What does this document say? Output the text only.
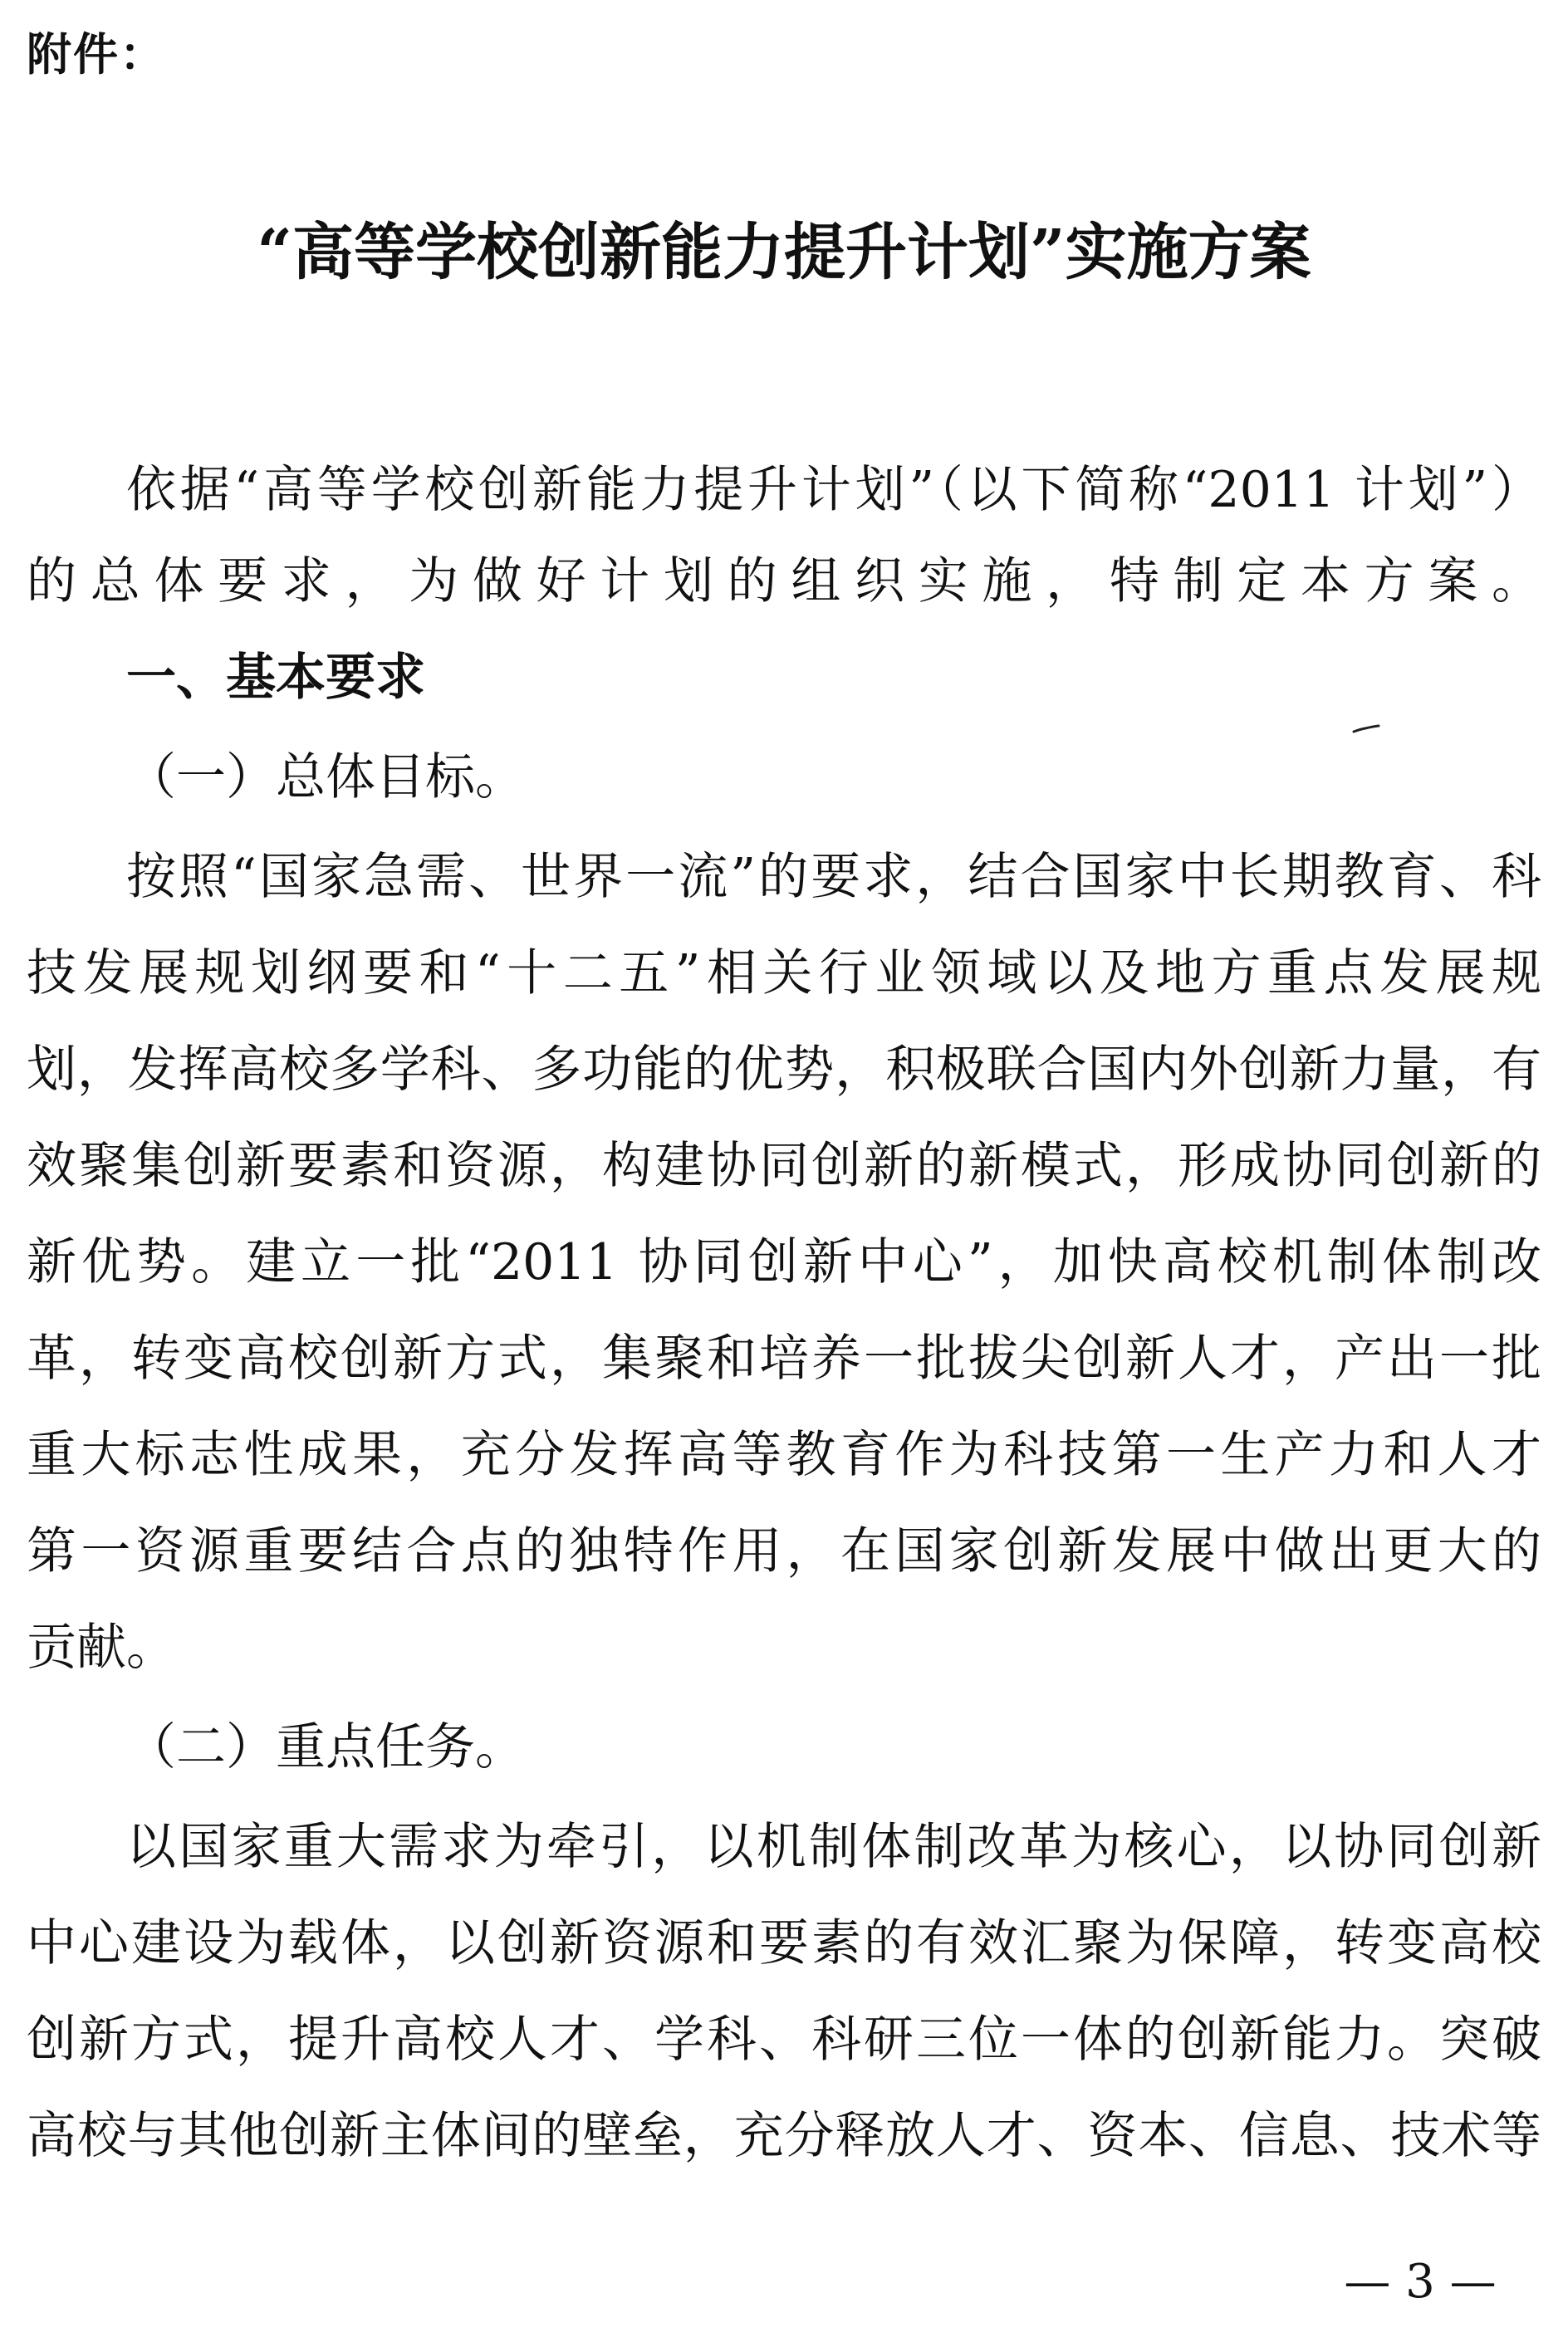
附件：
“高等学校创新能力提升计划”实施方案
依据“高等学校创新能力提升计划”（以下简称“2011 计划”）
的总体要求，为做好计划的组织实施，特制定本方案。
一、基本要求
（一）总体目标。
按照“国家急需、世界一流”的要求，结合国家中长期教育、科
技发展规划纲要和“十二五”相关行业领域以及地方重点发展规
划，发挥高校多学科、多功能的优势，积极联合国内外创新力量，有
效聚集创新要素和资源，构建协同创新的新模式，形成协同创新的
新优势。建立一批“2011 协同创新中心”，加快高校机制体制改
革，转变高校创新方式，集聚和培养一批拔尖创新人才，产出一批
重大标志性成果，充分发挥高等教育作为科技第一生产力和人才
第一资源重要结合点的独特作用，在国家创新发展中做出更大的
贡献。
（二）重点任务。
以国家重大需求为牵引，以机制体制改革为核心，以协同创新
中心建设为载体，以创新资源和要素的有效汇聚为保障，转变高校
创新方式，提升高校人才、学科、科研三位一体的创新能力。突破
高校与其他创新主体间的壁垒，充分释放人才、资本、信息、技术等
— 3 —
